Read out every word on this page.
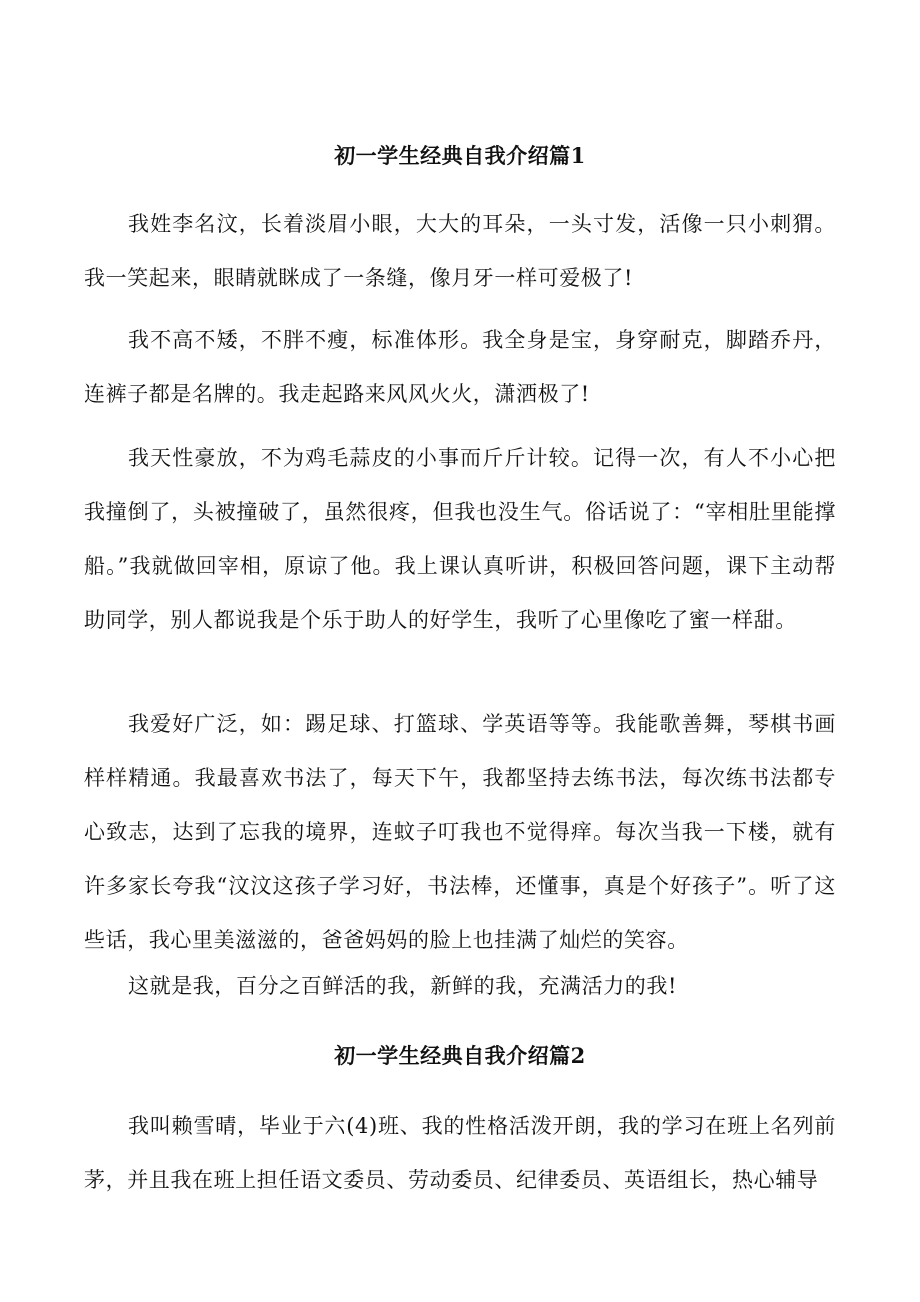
初一学生经典自我介绍篇1

我姓李名汶，长着淡眉小眼，大大的耳朵，一头寸发，活像一只小刺猬。我一笑起来，眼睛就眯成了一条缝，像月牙一样可爱极了!

我不高不矮，不胖不瘦，标准体形。我全身是宝，身穿耐克，脚踏乔丹，连裤子都是名牌的。我走起路来风风火火，潇洒极了!

我天性豪放，不为鸡毛蒜皮的小事而斤斤计较。记得一次，有人不小心把我撞倒了，头被撞破了，虽然很疼，但我也没生气。俗话说了：“宰相肚里能撑船。”我就做回宰相，原谅了他。我上课认真听讲，积极回答问题，课下主动帮助同学，别人都说我是个乐于助人的好学生，我听了心里像吃了蜜一样甜。

我爱好广泛，如：踢足球、打篮球、学英语等等。我能歌善舞，琴棋书画样样精通。我最喜欢书法了，每天下午，我都坚持去练书法，每次练书法都专心致志，达到了忘我的境界，连蚊子叮我也不觉得痒。每次当我一下楼，就有许多家长夸我“汶汶这孩子学习好，书法棒，还懂事，真是个好孩子”。听了这些话，我心里美滋滋的，爸爸妈妈的脸上也挂满了灿烂的笑容。

这就是我，百分之百鲜活的我，新鲜的我，充满活力的我!

初一学生经典自我介绍篇2

我叫赖雪晴，毕业于六(4)班、我的性格活泼开朗，我的学习在班上名列前茅，并且我在班上担任语文委员、劳动委员、纪律委员、英语组长，热心辅导
